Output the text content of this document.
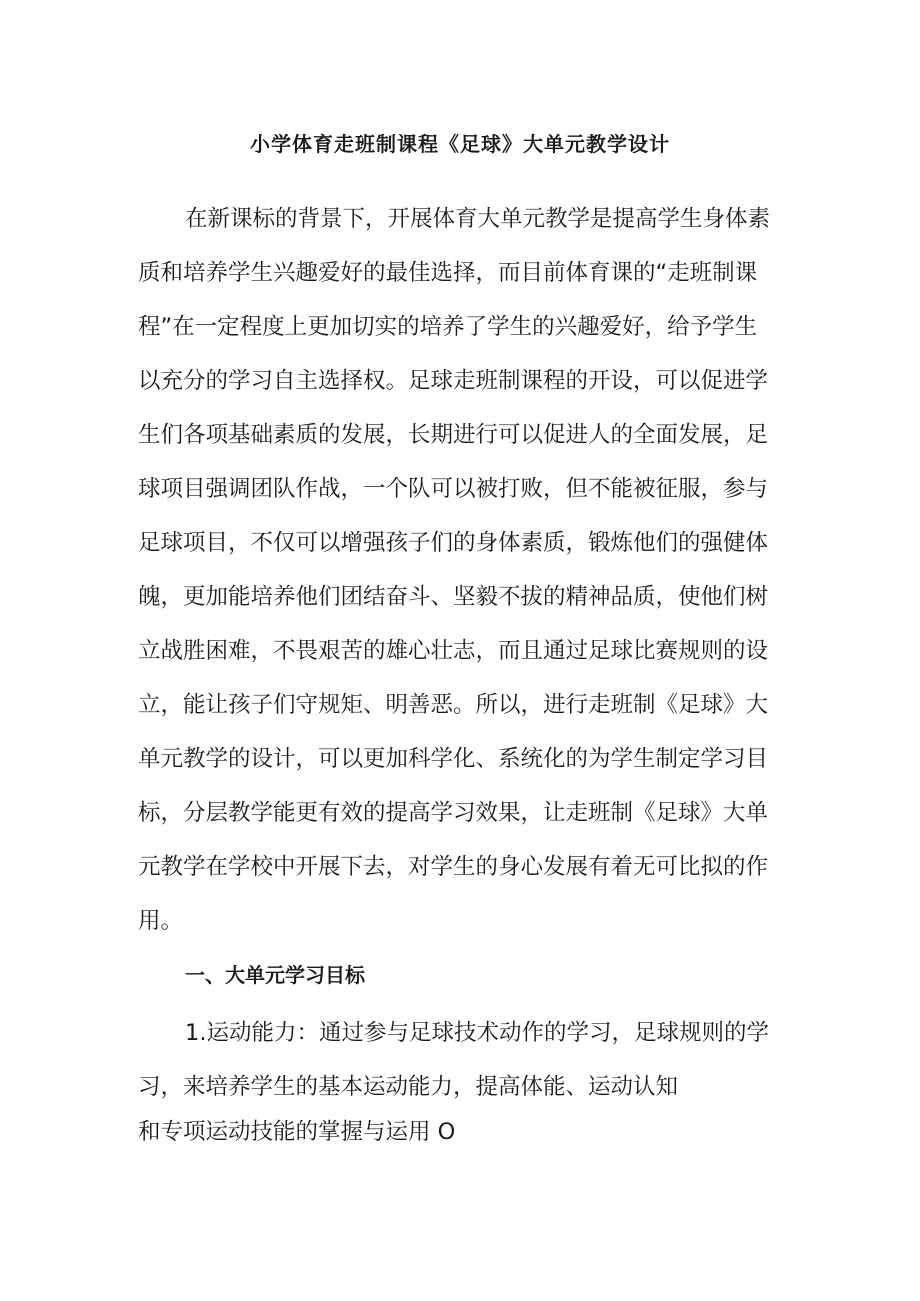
小学体育走班制课程《足球》大单元教学设计
在新课标的背景下，开展体育大单元教学是提高学生身体素
质和培养学生兴趣爱好的最佳选择，而目前体育课的“走班制课
程”在一定程度上更加切实的培养了学生的兴趣爱好，给予学生
以充分的学习自主选择权。足球走班制课程的开设，可以促进学
生们各项基础素质的发展，长期进行可以促进人的全面发展，足
球项目强调团队作战，一个队可以被打败，但不能被征服，参与
足球项目，不仅可以增强孩子们的身体素质，锻炼他们的强健体
魄，更加能培养他们团结奋斗、坚毅不拔的精神品质，使他们树
立战胜困难，不畏艰苦的雄心壮志，而且通过足球比赛规则的设
立，能让孩子们守规矩、明善恶。所以，进行走班制《足球》大
单元教学的设计，可以更加科学化、系统化的为学生制定学习目
标，分层教学能更有效的提高学习效果，让走班制《足球》大单
元教学在学校中开展下去，对学生的身心发展有着无可比拟的作
用。
一、大单元学习目标
1.运动能力：通过参与足球技术动作的学习，足球规则的学
习，来培养学生的基本运动能力，提高体能、运动认知
和专项运动技能的掌握与运用 O
